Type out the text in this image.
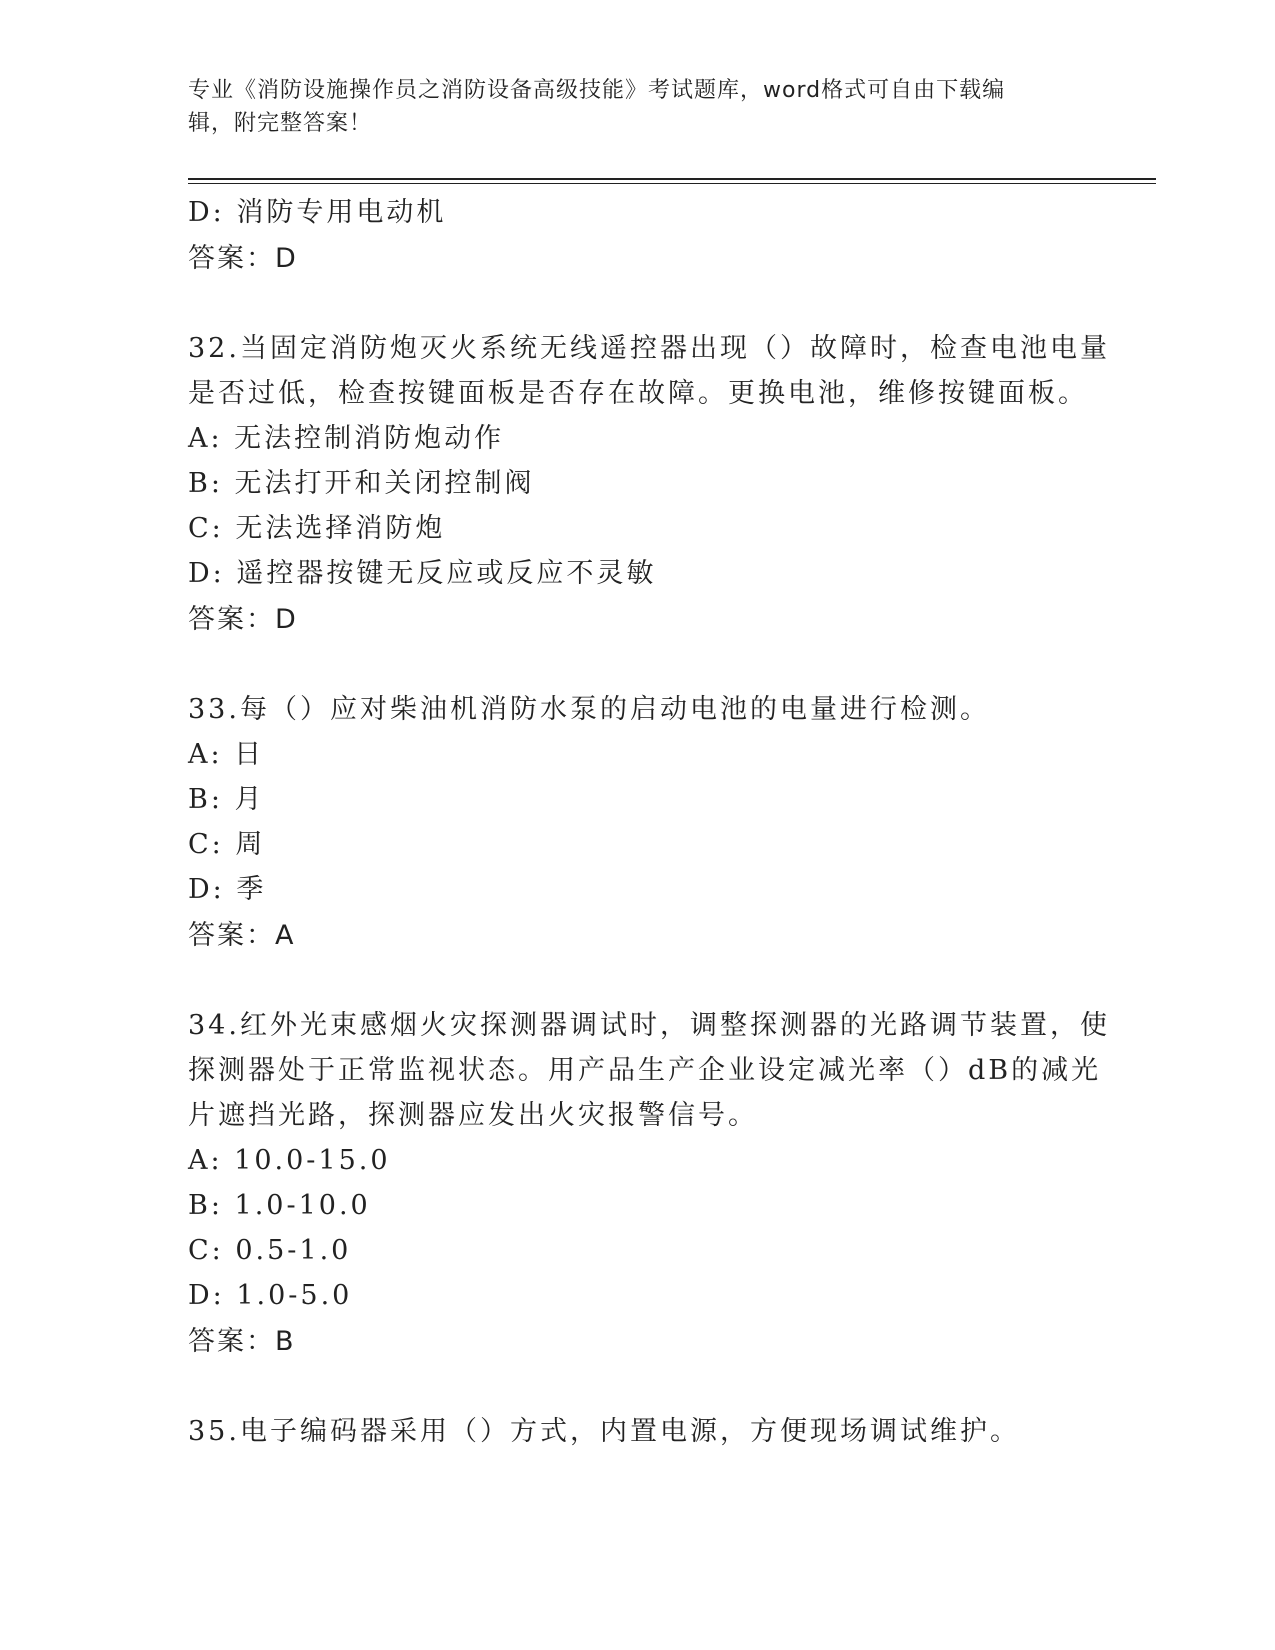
专业《消防设施操作员之消防设备高级技能》考试题库，word格式可自由下载编
辑，附完整答案！
D: 消防专用电动机
答案：D
32.当固定消防炮灭火系统无线遥控器出现（）故障时，检查电池电量
是否过低，检查按键面板是否存在故障。更换电池，维修按键面板。
A: 无法控制消防炮动作
B: 无法打开和关闭控制阀
C: 无法选择消防炮
D: 遥控器按键无反应或反应不灵敏
答案：D
33.每（）应对柴油机消防水泵的启动电池的电量进行检测。
A: 日
B: 月
C: 周
D: 季
答案：A
34.红外光束感烟火灾探测器调试时，调整探测器的光路调节装置，使
探测器处于正常监视状态。用产品生产企业设定减光率（）dB的减光
片遮挡光路，探测器应发出火灾报警信号。
A: 10.0-15.0
B: 1.0-10.0
C: 0.5-1.0
D: 1.0-5.0
答案：B
35.电子编码器采用（）方式，内置电源，方便现场调试维护。
